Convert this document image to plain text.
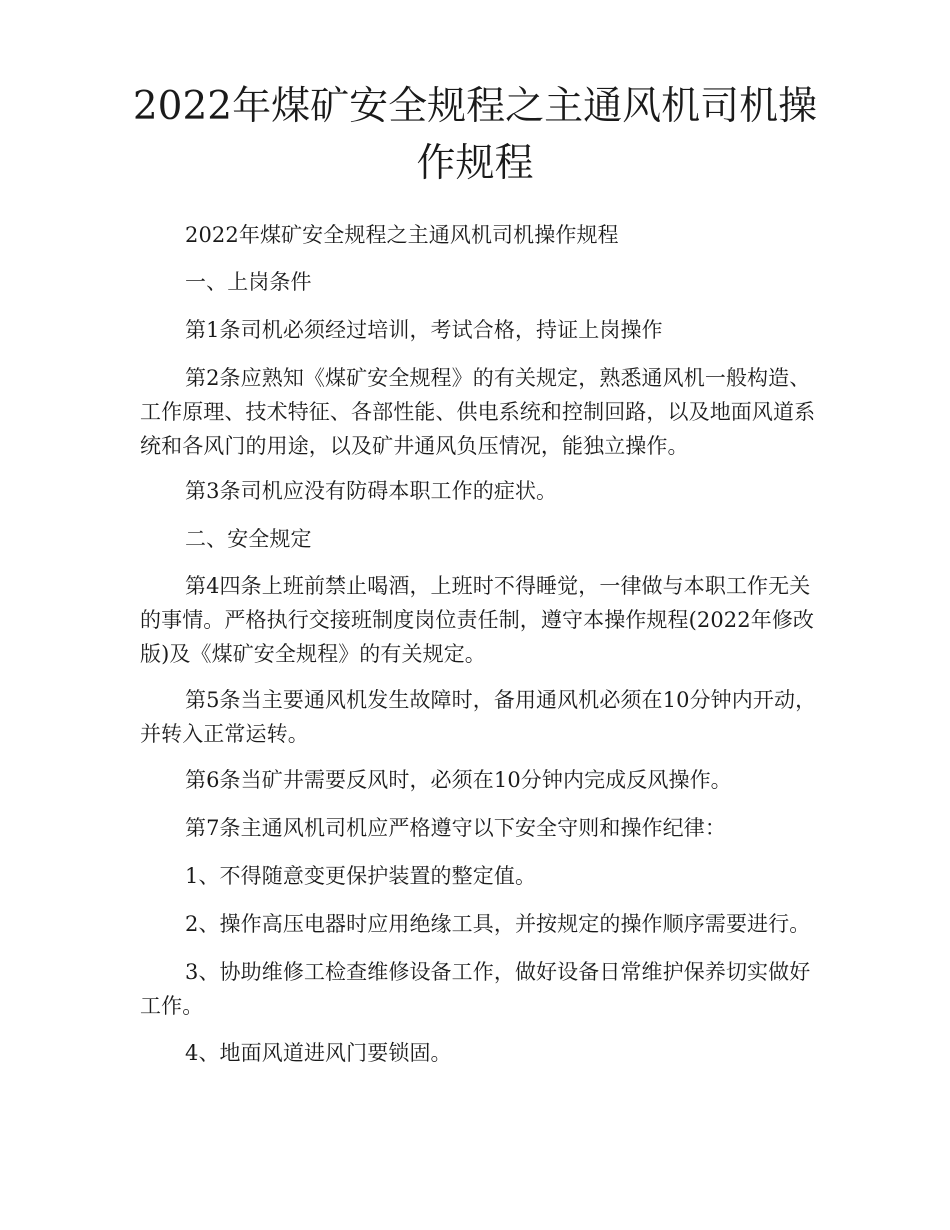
2022年煤矿安全规程之主通风机司机操
作规程

2022年煤矿安全规程之主通风机司机操作规程

一、上岗条件

第1条司机必须经过培训，考试合格，持证上岗操作

第2条应熟知《煤矿安全规程》的有关规定，熟悉通风机一般构造、工作原理、技术特征、各部性能、供电系统和控制回路，以及地面风道系统和各风门的用途，以及矿井通风负压情况，能独立操作。

第3条司机应没有防碍本职工作的症状。

二、安全规定

第4四条上班前禁止喝酒，上班时不得睡觉，一律做与本职工作无关的事情。严格执行交接班制度岗位责任制，遵守本操作规程(2022年修改版)及《煤矿安全规程》的有关规定。

第5条当主要通风机发生故障时，备用通风机必须在10分钟内开动，并转入正常运转。

第6条当矿井需要反风时，必须在10分钟内完成反风操作。

第7条主通风机司机应严格遵守以下安全守则和操作纪律：

1、不得随意变更保护装置的整定值。

2、操作高压电器时应用绝缘工具，并按规定的操作顺序需要进行。

3、协助维修工检查维修设备工作，做好设备日常维护保养切实做好工作。

4、地面风道进风门要锁固。
